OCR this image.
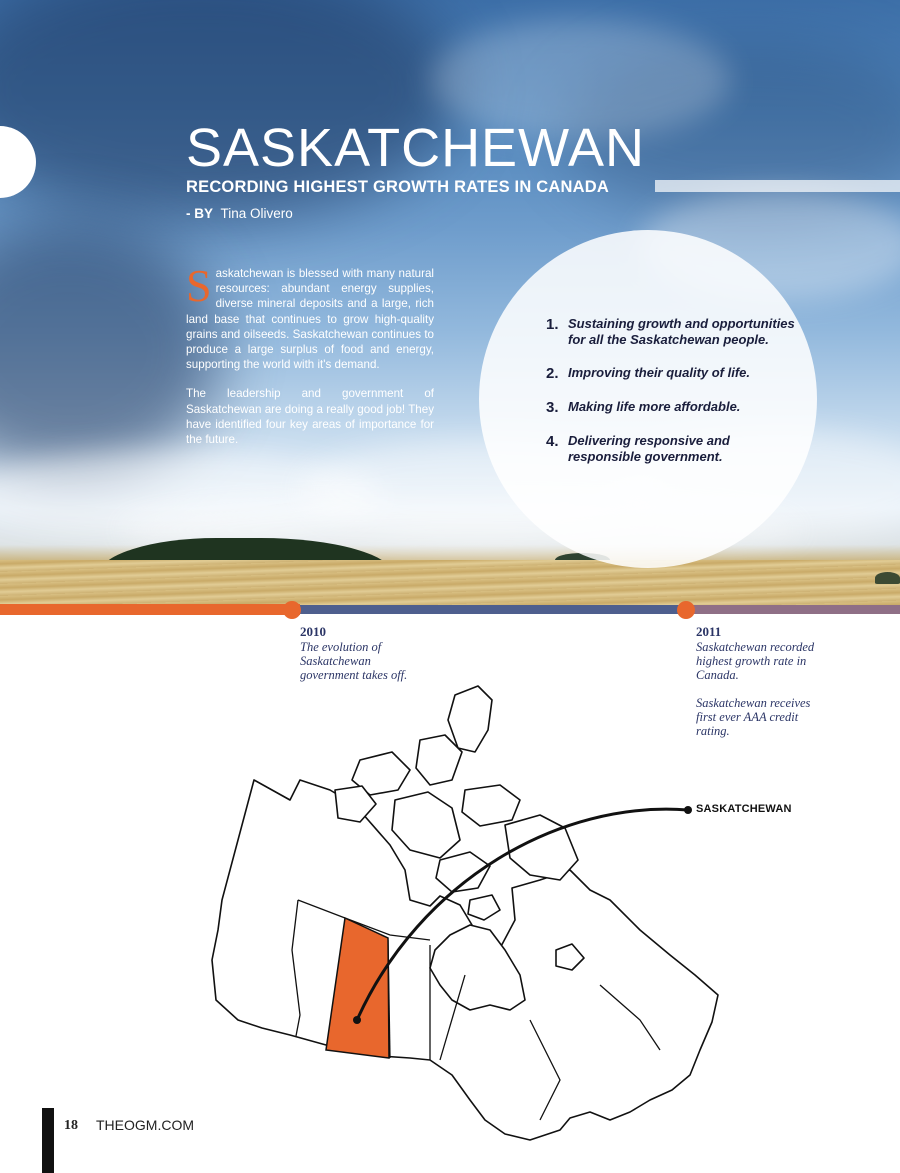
SASKATCHEWAN
RECORDING HIGHEST GROWTH RATES IN CANADA
- BY Tina Olivero

S askatchewan is blessed with many natural resources: abundant energy supplies, diverse mineral deposits and a large, rich land base that continues to grow high-quality grains and oilseeds. Saskatchewan continues to produce a large surplus of food and energy, supporting the world with it's demand.

The leadership and government of Saskatchewan are doing a really good job! They have identified four key areas of importance for the future.

1. Sustaining growth and opportunities for all the Saskatchewan people.
2. Improving their quality of life.
3. Making life more affordable.
4. Delivering responsive and responsible government.
2010
The evolution of
Saskatchewan
government takes off.
2011
Saskatchewan recorded
highest growth rate in
Canada.
Saskatchewan receives
first ever AAA credit
rating.
SASKATCHEWAN
18 THEOGM.COM
